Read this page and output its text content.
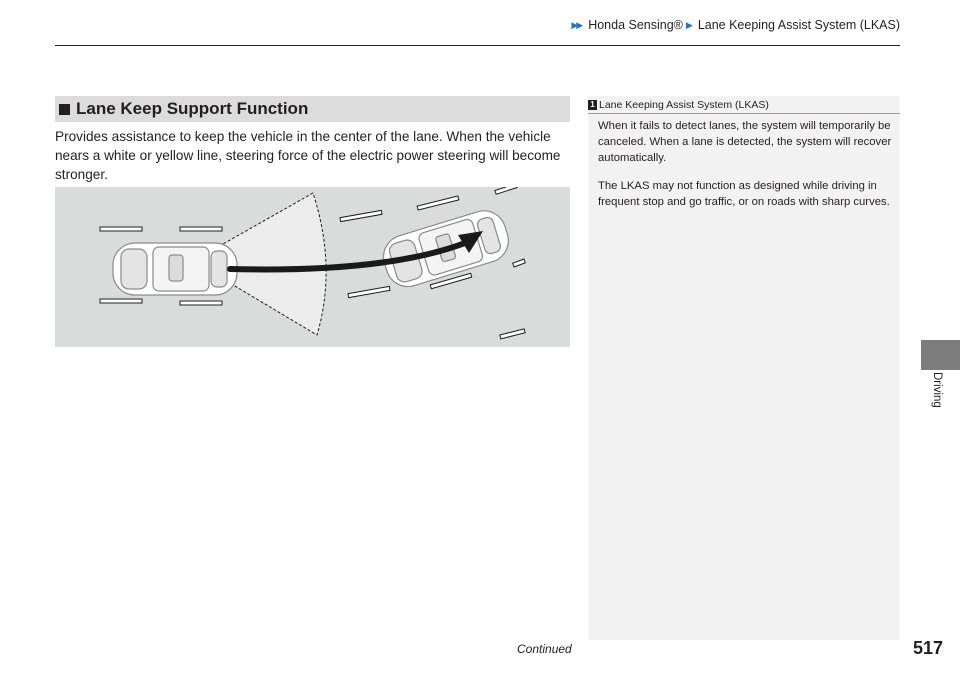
▶▶ Honda Sensing® ▶ Lane Keeping Assist System (LKAS)
Lane Keep Support Function
Provides assistance to keep the vehicle in the center of the lane. When the vehicle nears a white or yellow line, steering force of the electric power steering will become stronger.
1 Lane Keeping Assist System (LKAS)

When it fails to detect lanes, the system will temporarily be canceled. When a lane is detected, the system will recover automatically.

The LKAS may not function as designed while driving in frequent stop and go traffic, or on roads with sharp curves.

Driving
Continued	517
